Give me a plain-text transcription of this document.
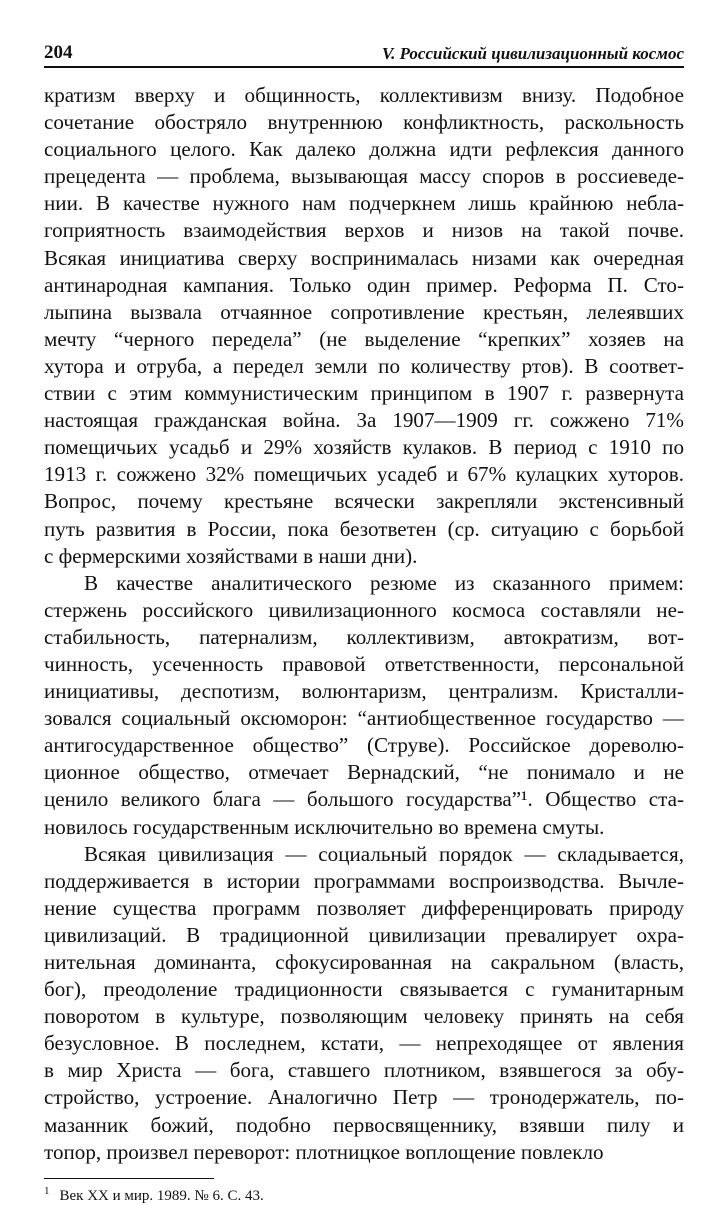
204	V. Российский цивилизационный космос
кратизм вверху и общинность, коллективизм внизу. Подобное
сочетание обостряло внутреннюю конфликтность, раскольность
социального целого. Как далеко должна идти рефлексия данного
прецедента — проблема, вызывающая массу споров в россиеведе-
нии. В качестве нужного нам подчеркнем лишь крайнюю небла-
гоприятность взаимодействия верхов и низов на такой почве.
Всякая инициатива сверху воспринималась низами как очередная
антинародная кампания. Только один пример. Реформа П. Сто-
лыпина вызвала отчаянное сопротивление крестьян, лелеявших
мечту “черного передела” (не выделение “крепких” хозяев на
хутора и отруба, а передел земли по количеству ртов). В соответ-
ствии с этим коммунистическим принципом в 1907 г. развернута
настоящая гражданская война. За 1907—1909 гг. сожжено 71%
помещичьих усадьб и 29% хозяйств кулаков. В период с 1910 по
1913 г. сожжено 32% помещичьих усадеб и 67% кулацких хуторов.
Вопрос, почему крестьяне всячески закрепляли экстенсивный
путь развития в России, пока безответен (ср. ситуацию с борьбой
с фермерскими хозяйствами в наши дни).
В качестве аналитического резюме из сказанного примем:
стержень российского цивилизационного космоса составляли не-
стабильность, патернализм, коллективизм, автократизм, вот-
чинность, усеченность правовой ответственности, персональной
инициативы, деспотизм, волюнтаризм, централизм. Кристалли-
зовался социальный оксюморон: “антиобщественное государство —
антигосударственное общество” (Струве). Российское дореволю-
ционное общество, отмечает Вернадский, “не понимало и не
ценило великого блага — большого государства”¹. Общество ста-
новилось государственным исключительно во времена смуты.
Всякая цивилизация — социальный порядок — складывается,
поддерживается в истории программами воспроизводства. Вычле-
нение существа программ позволяет дифференцировать природу
цивилизаций. В традиционной цивилизации превалирует охра-
нительная доминанта, сфокусированная на сакральном (власть,
бог), преодоление традиционности связывается с гуманитарным
поворотом в культуре, позволяющим человеку принять на себя
безусловное. В последнем, кстати, — непреходящее от явления
в мир Христа — бога, ставшего плотником, взявшегося за обу-
стройство, устроение. Аналогично Петр — тронодержатель, по-
мазанник божий, подобно первосвященнику, взявши пилу и
топор, произвел переворот: плотницкое воплощение повлекло
$^1$ Век XX и мир. 1989. № 6. С. 43.
